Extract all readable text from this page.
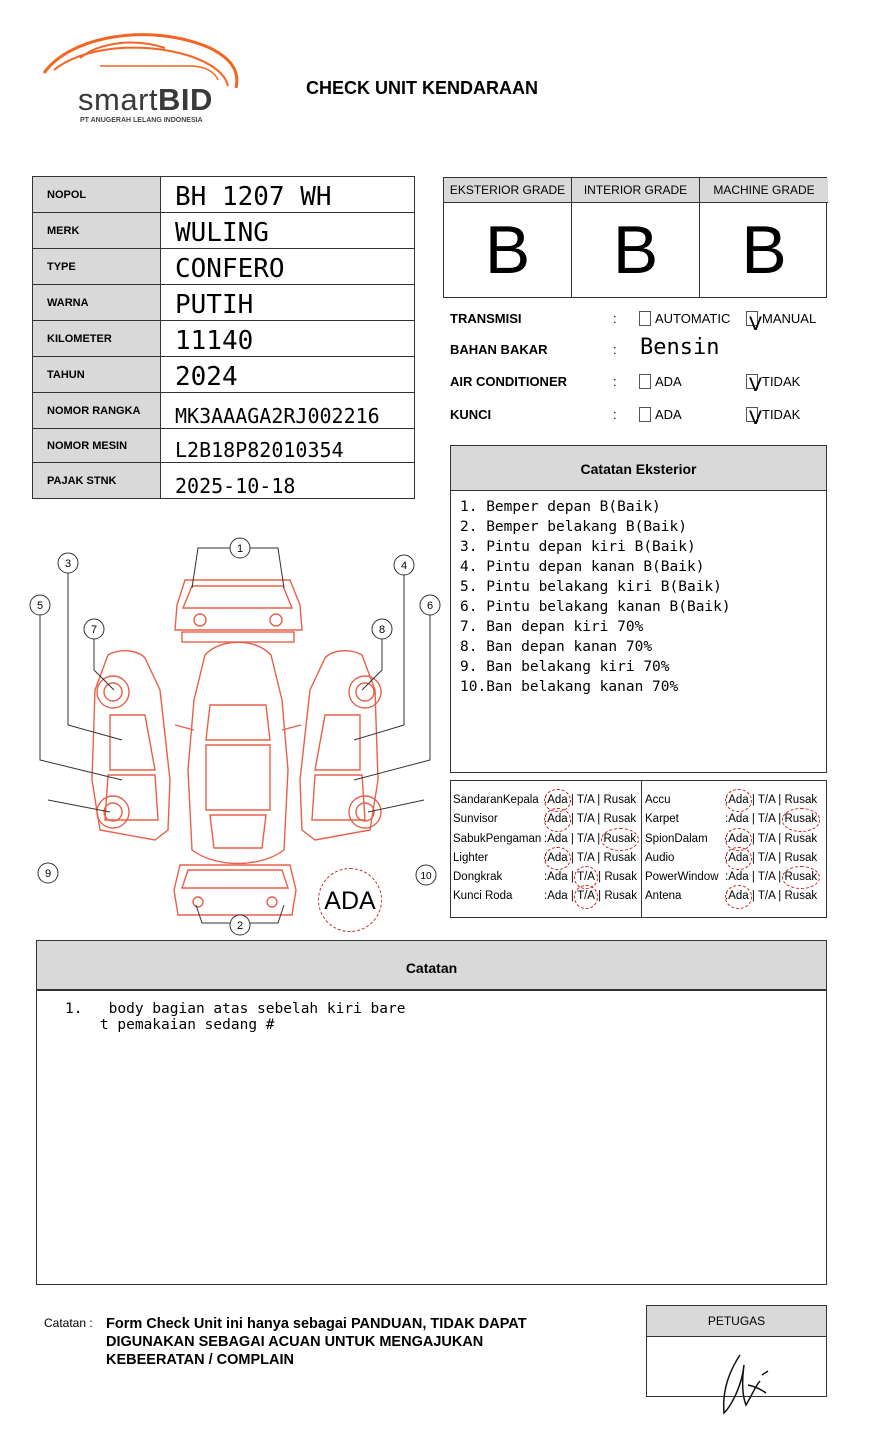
smartBID
PT ANUGERAH LELANG INDONESIA
CHECK UNIT KENDARAAN
NOPOL	BH 1207 WH
MERK	WULING
TYPE	CONFERO
WARNA	PUTIH
KILOMETER	11140
TAHUN	2024
NOMOR RANGKA	MK3AAAGA2RJ002216
NOMOR MESIN	L2B18P82010354
PAJAK STNK	2025-10-18
EKSTERIOR GRADE	INTERIOR GRADE	MACHINE GRADE
B	B	B
TRANSMISI	:	AUTOMATIC V MANUAL
BAHAN BAKAR	: Bensin
AIR CONDITIONER	:	ADA	V TIDAK
KUNCI	:	ADA	V TIDAK
Catatan Eksterior
1. Bemper depan B(Baik)
2. Bemper belakang B(Baik)
3. Pintu depan kiri B(Baik)
4. Pintu depan kanan B(Baik)
5. Pintu belakang kiri B(Baik)
6. Pintu belakang kanan B(Baik)
7. Ban depan kiri 70%
8. Ban depan kanan 70%
9. Ban belakang kiri 70%
10.Ban belakang kanan 70%
SandaranKepala :Ada | T/A | Rusak
Sunvisor	:Ada | T/A | Rusak
SabukPengaman :Ada | T/A | Rusak
Lighter	:Ada | T/A | Rusak
Dongkrak	:Ada | T/A | Rusak
Kunci Roda	:Ada | T/A | Rusak
Accu	:Ada | T/A | Rusak
Karpet	:Ada | T/A | Rusak
SpionDalam :Ada | T/A | Rusak
Audio	:Ada | T/A | Rusak
PowerWindow :Ada | T/A | Rusak
Antena	:Ada | T/A | Rusak
1
2
3	4
5	6
7	8
9	10
ADA
Catatan
1.   body bagian atas sebelah kiri bare
t pemakaian sedang #
Catatan : Form Check Unit ini hanya sebagai PANDUAN, TIDAK DAPAT DIGUNAKAN SEBAGAI ACUAN UNTUK MENGAJUKAN KEBEERATAN / COMPLAIN
PETUGAS
